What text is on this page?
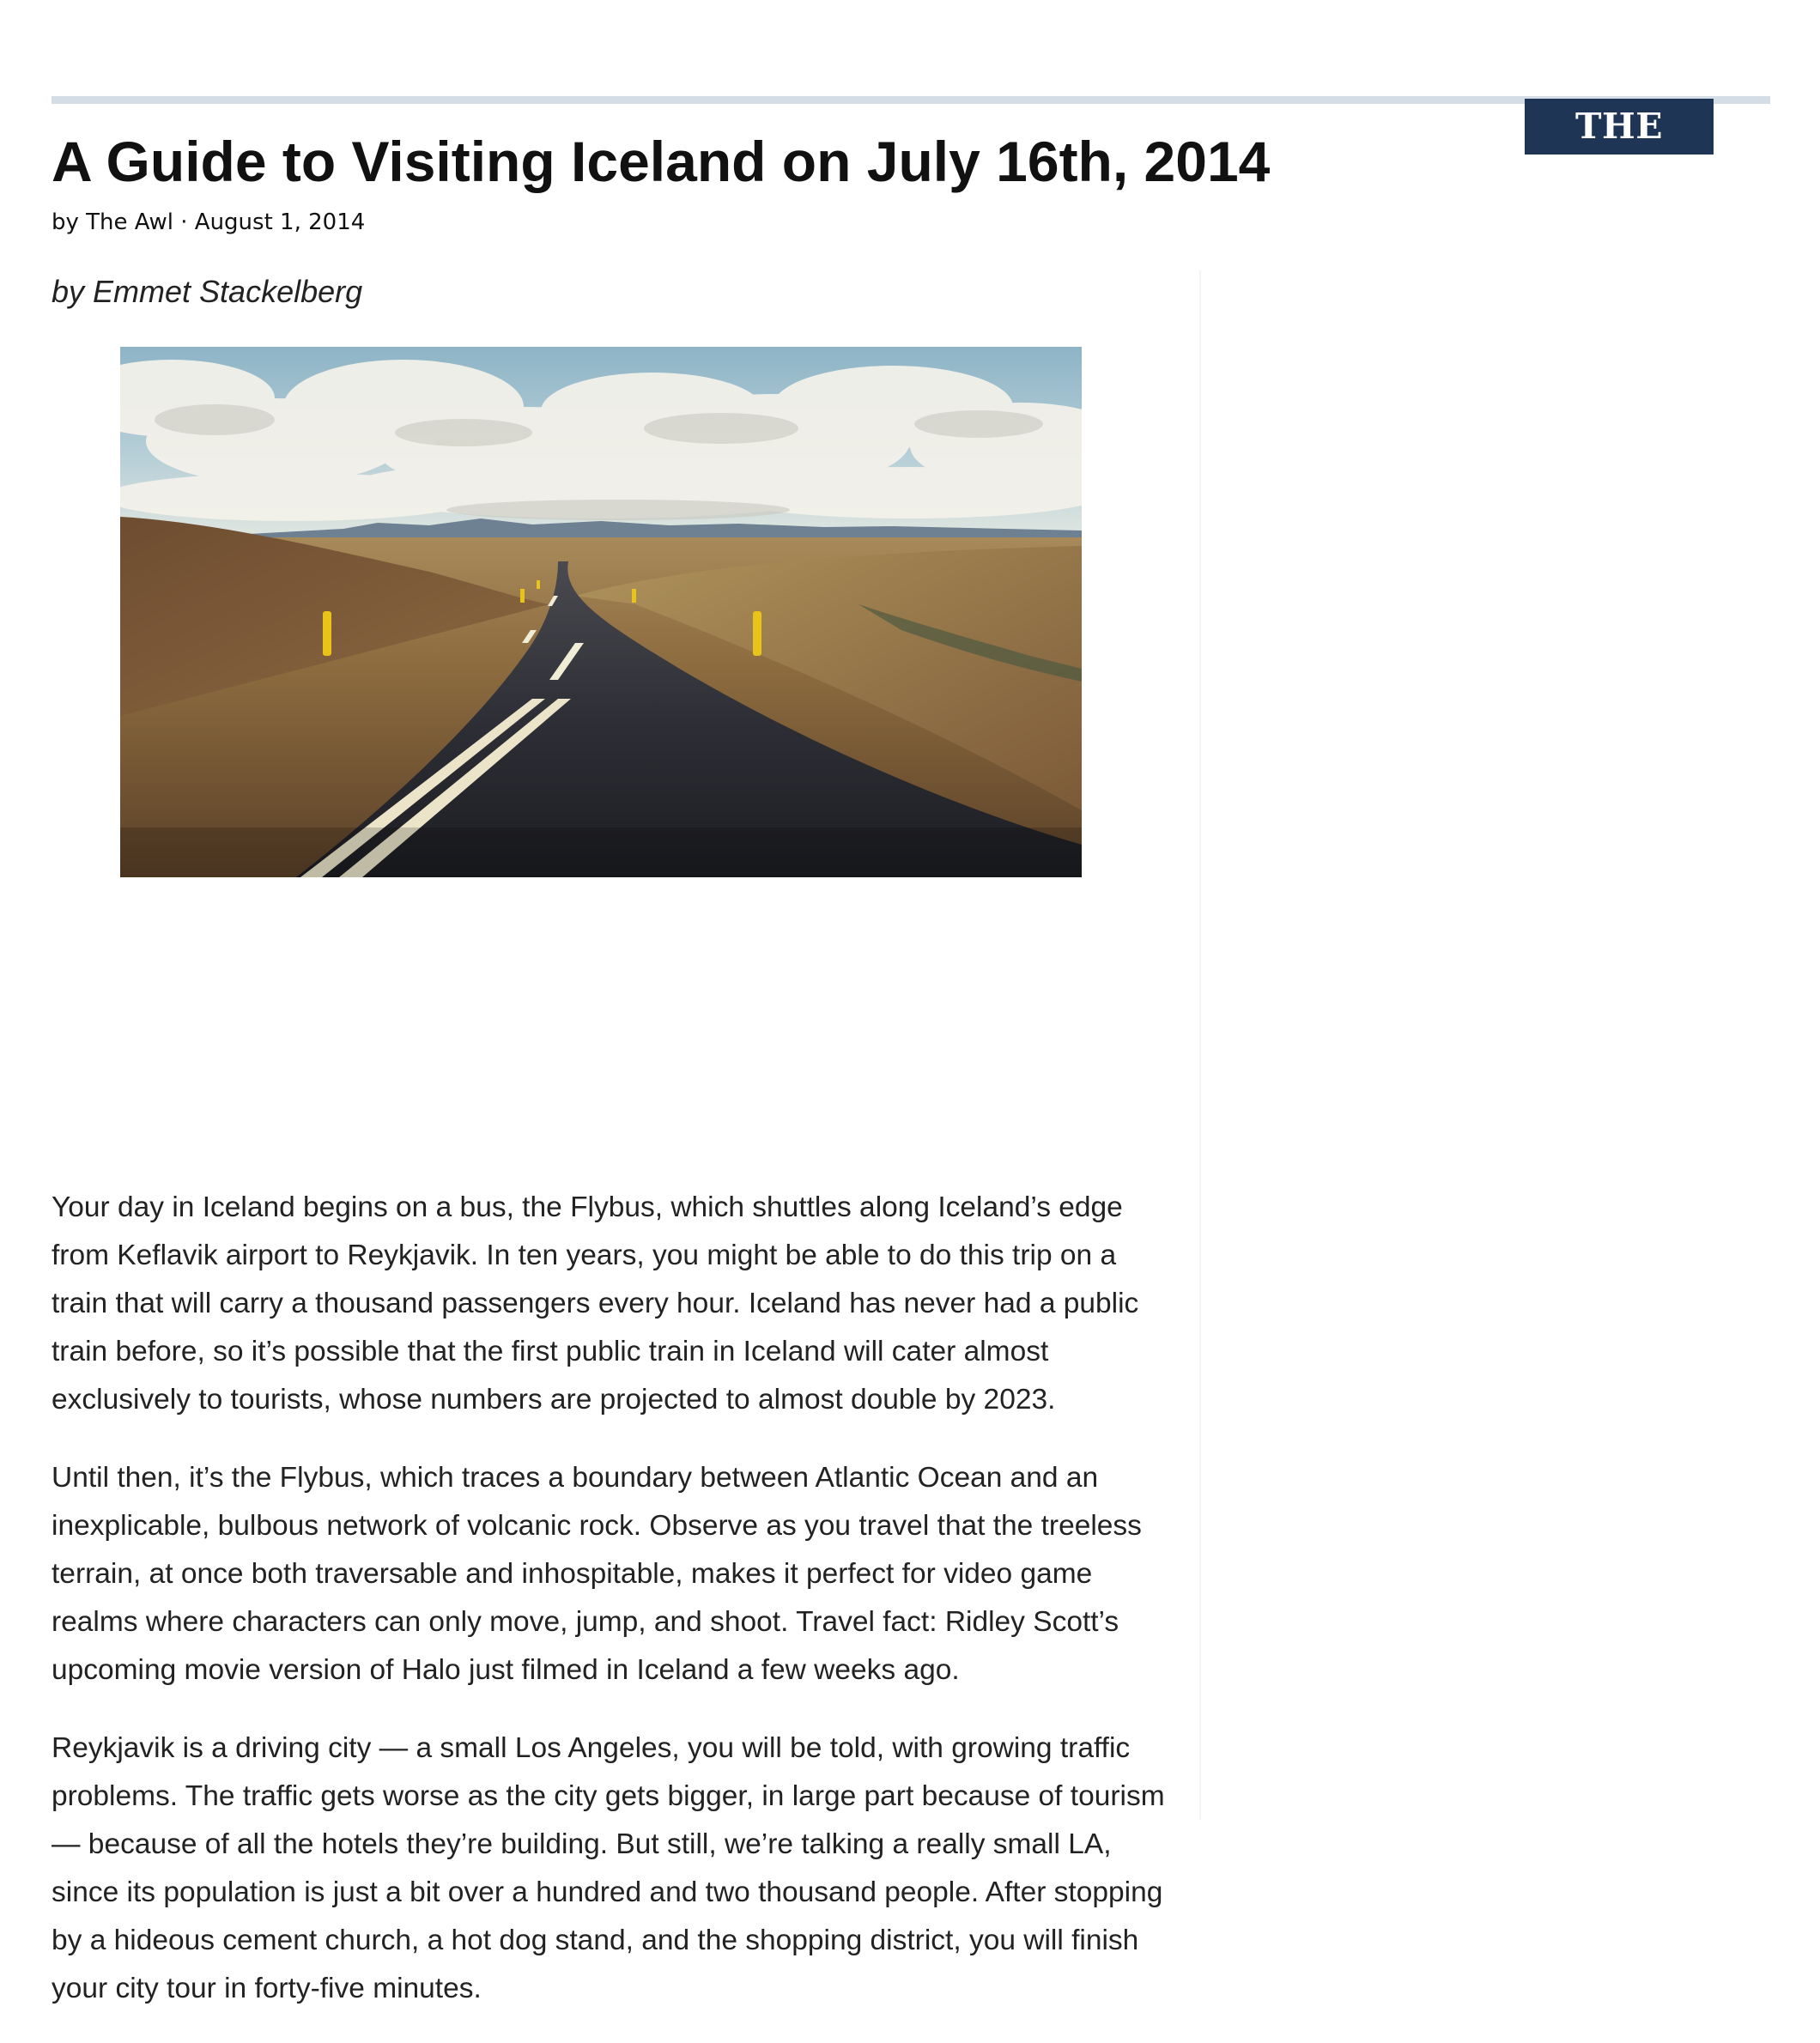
THE AWL
A Guide to Visiting Iceland on July 16th, 2014
by The Awl · August 1, 2014

by Emmet Stackelberg

Your day in Iceland begins on a bus, the Flybus, which shuttles along Iceland’s edge from Keflavik airport to Reykjavik. In ten years, you might be able to do this trip on a train that will carry a thousand passengers every hour. Iceland has never had a public train before, so it’s possible that the first public train in Iceland will cater almost exclusively to tourists, whose numbers are projected to almost double by 2023.

Until then, it’s the Flybus, which traces a boundary between Atlantic Ocean and an inexplicable, bulbous network of volcanic rock. Observe as you travel that the treeless terrain, at once both traversable and inhospitable, makes it perfect for video game realms where characters can only move, jump, and shoot. Travel fact: Ridley Scott’s upcoming movie version of Halo just filmed in Iceland a few weeks ago.

Reykjavik is a driving city — a small Los Angeles, you will be told, with growing traffic problems. The traffic gets worse as the city gets bigger, in large part because of tourism — because of all the hotels they’re building. But still, we’re talking a really small LA, since its population is just a bit over a hundred and two thousand people. After stopping by a hideous cement church, a hot dog stand, and the shopping district, you will finish your city tour in forty-five minutes.
